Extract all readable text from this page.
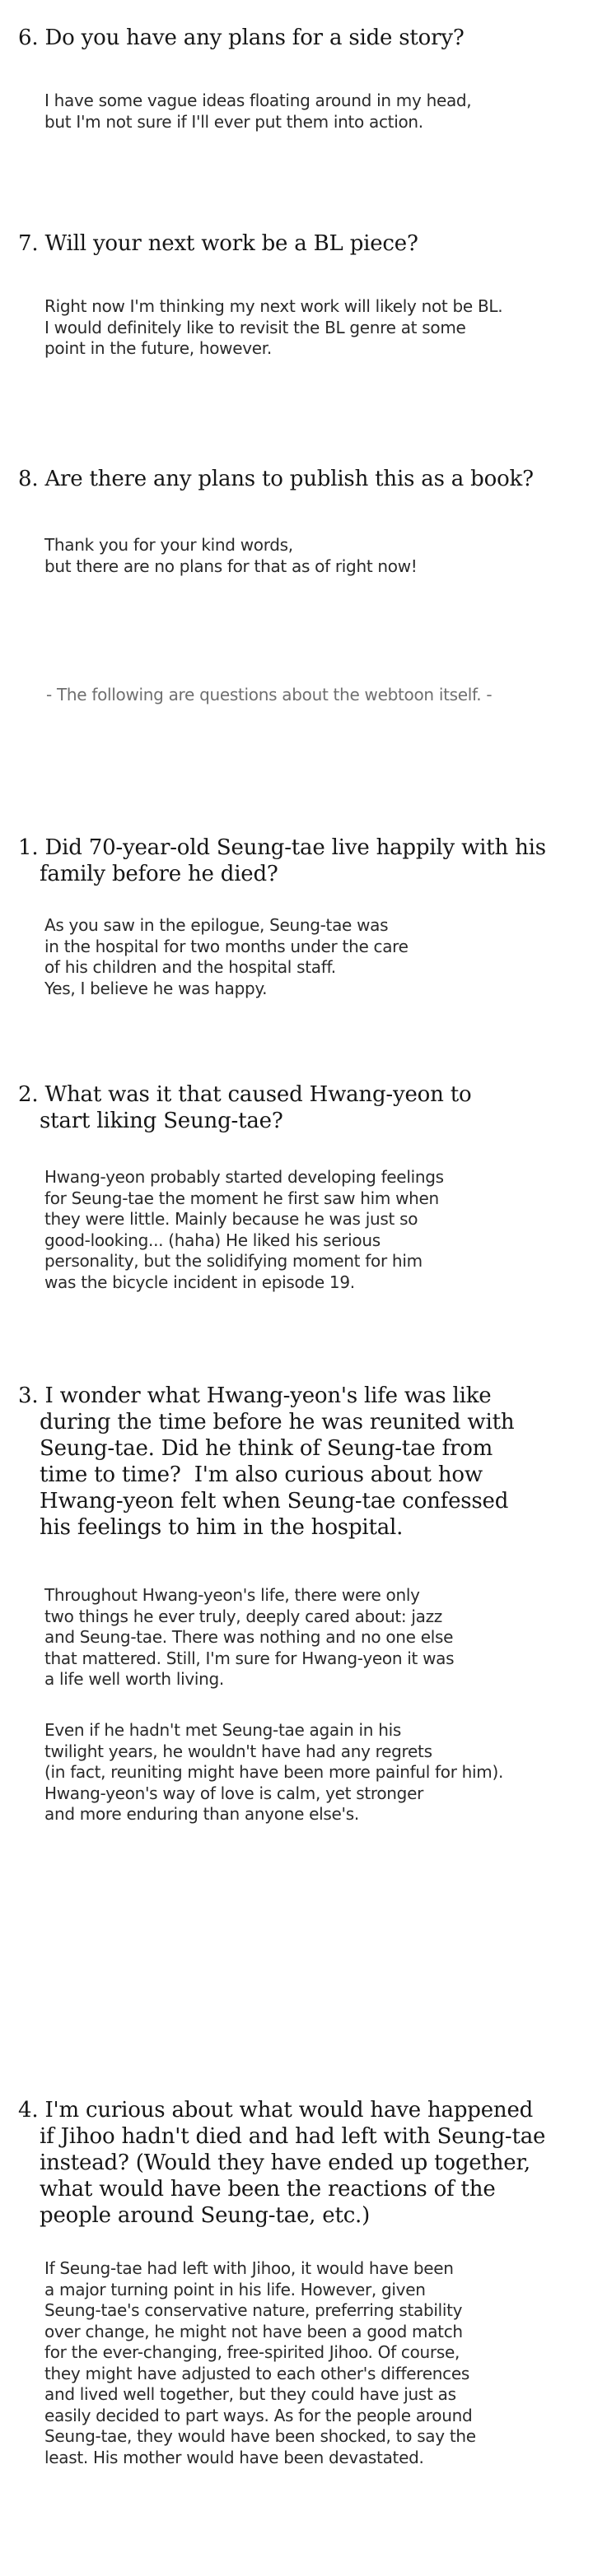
6. Do you have any plans for a side story?
I have some vague ideas floating around in my head,
but I'm not sure if I'll ever put them into action.
7. Will your next work be a BL piece?
Right now I'm thinking my next work will likely not be BL.
I would definitely like to revisit the BL genre at some
point in the future, however.
8. Are there any plans to publish this as a book?
Thank you for your kind words,
but there are no plans for that as of right now!
- The following are questions about the webtoon itself. -
1. Did 70-year-old Seung-tae live happily with his
family before he died?
As you saw in the epilogue, Seung-tae was
in the hospital for two months under the care
of his children and the hospital staff.
Yes, I believe he was happy.
2. What was it that caused Hwang-yeon to
start liking Seung-tae?
Hwang-yeon probably started developing feelings
for Seung-tae the moment he first saw him when
they were little. Mainly because he was just so
good-looking... (haha) He liked his serious
personality, but the solidifying moment for him
was the bicycle incident in episode 19.
3. I wonder what Hwang-yeon's life was like
during the time before he was reunited with
Seung-tae. Did he think of Seung-tae from
time to time?  I'm also curious about how
Hwang-yeon felt when Seung-tae confessed
his feelings to him in the hospital.
Throughout Hwang-yeon's life, there were only
two things he ever truly, deeply cared about: jazz
and Seung-tae. There was nothing and no one else
that mattered. Still, I'm sure for Hwang-yeon it was
a life well worth living.
Even if he hadn't met Seung-tae again in his
twilight years, he wouldn't have had any regrets
(in fact, reuniting might have been more painful for him).
Hwang-yeon's way of love is calm, yet stronger
and more enduring than anyone else's.
4. I'm curious about what would have happened
if Jihoo hadn't died and had left with Seung-tae
instead? (Would they have ended up together,
what would have been the reactions of the
people around Seung-tae, etc.)
If Seung-tae had left with Jihoo, it would have been
a major turning point in his life. However, given
Seung-tae's conservative nature, preferring stability
over change, he might not have been a good match
for the ever-changing, free-spirited Jihoo. Of course,
they might have adjusted to each other's differences
and lived well together, but they could have just as
easily decided to part ways. As for the people around
Seung-tae, they would have been shocked, to say the
least. His mother would have been devastated.
